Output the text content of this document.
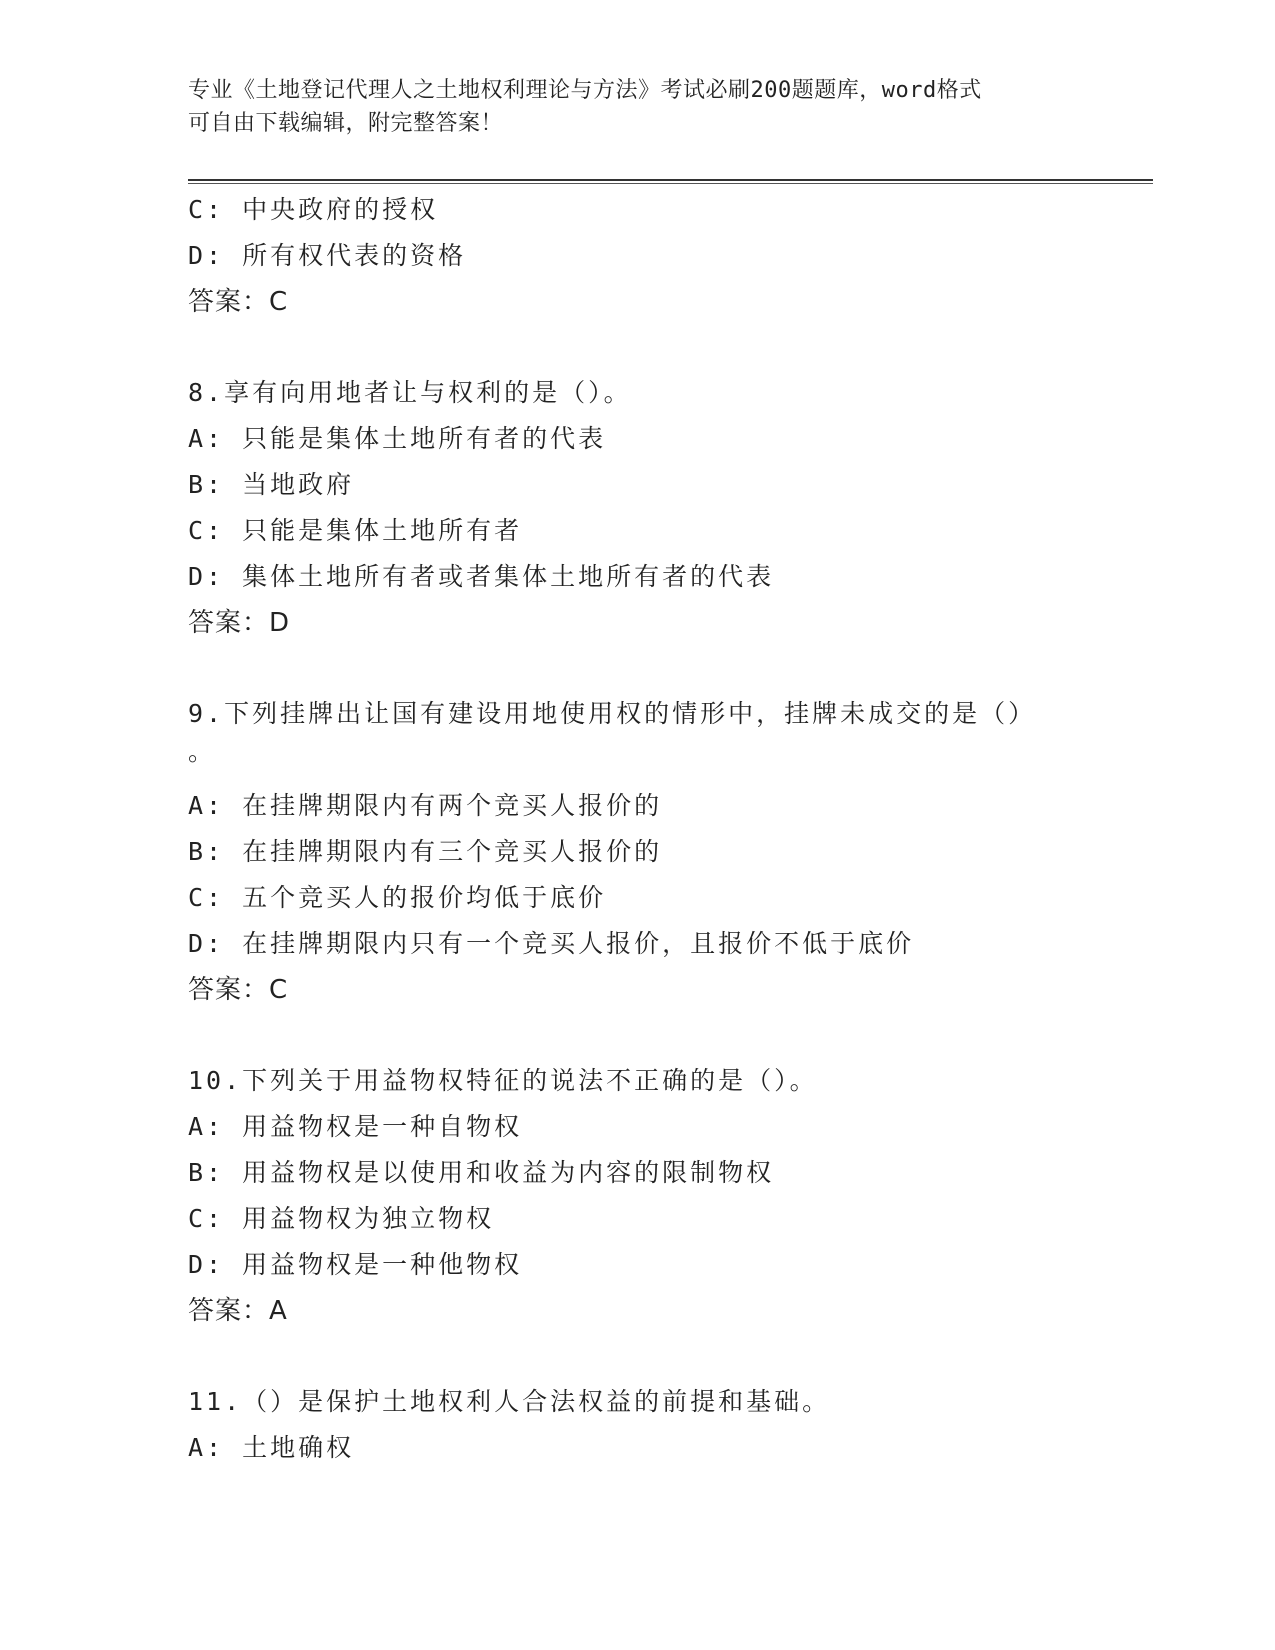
专业《土地登记代理人之土地权利理论与方法》考试必刷200题题库，word格式
可自由下载编辑，附完整答案！
C: 中央政府的授权
D: 所有权代表的资格
答案：C
8.享有向用地者让与权利的是（）。
A: 只能是集体土地所有者的代表
B: 当地政府
C: 只能是集体土地所有者
D: 集体土地所有者或者集体土地所有者的代表
答案：D
9.下列挂牌出让国有建设用地使用权的情形中，挂牌未成交的是（）
。
A: 在挂牌期限内有两个竞买人报价的
B: 在挂牌期限内有三个竞买人报价的
C: 五个竞买人的报价均低于底价
D: 在挂牌期限内只有一个竞买人报价，且报价不低于底价
答案：C
10.下列关于用益物权特征的说法不正确的是（）。
A: 用益物权是一种自物权
B: 用益物权是以使用和收益为内容的限制物权
C: 用益物权为独立物权
D: 用益物权是一种他物权
答案：A
11.（）是保护土地权利人合法权益的前提和基础。
A: 土地确权
